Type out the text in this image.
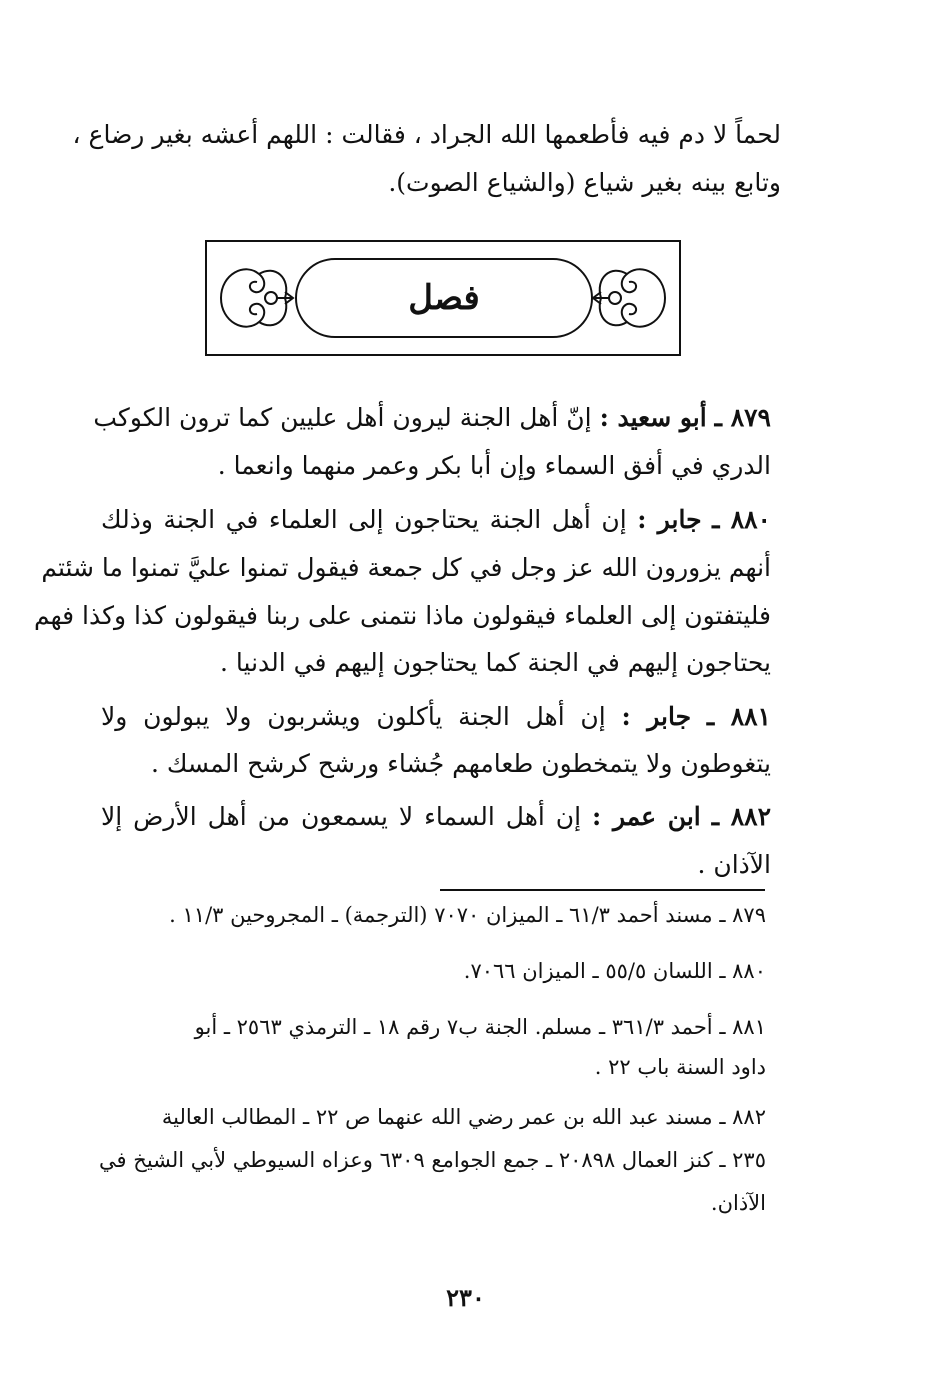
لحماً لا دم فيه فأطعمها الله الجراد ، فقالت : اللهم أعشه بغير رضاع ،
وتابع بينه بغير شياع (والشياع الصوت).
فصل
٨٧٩ ـ أبو سعيد : إنّ أهل الجنة ليرون أهل عليين كما ترون الكوكب
الدري في أفق السماء وإن أبا بكر وعمر منهما وانعما .
٨٨٠ ـ جابر : إن أهل الجنة يحتاجون إلى العلماء في الجنة وذلك
أنهم يزورون الله عز وجل في كل جمعة فيقول تمنوا عليَّ تمنوا ما شئتم
فليتفتون إلى العلماء فيقولون ماذا نتمنى على ربنا فيقولون كذا وكذا فهم
يحتاجون إليهم في الجنة كما يحتاجون إليهم في الدنيا .
٨٨١ ـ جابر : إن أهل الجنة يأكلون ويشربون ولا يبولون ولا
يتغوطون ولا يتمخطون طعامهم جُشاء ورشح كرشح المسك .
٨٨٢ ـ ابن عمر : إن أهل السماء لا يسمعون من أهل الأرض إلا
الآذان .
٨٧٩ ـ مسند أحمد ٦١/٣ ـ الميزان ٧٠٧٠ (الترجمة) ـ المجروحين ١١/٣ .
٨٨٠ ـ اللسان ٥٥/٥ ـ الميزان ٧٠٦٦.
٨٨١ ـ أحمد ٣٦١/٣ ـ مسلم. الجنة ب٧ رقم ١٨ ـ الترمذي ٢٥٦٣ ـ أبو
داود السنة باب ٢٢ .
٨٨٢ ـ مسند عبد الله بن عمر رضي الله عنهما ص ٢٢ ـ المطالب العالية
٢٣٥ ـ كنز العمال ٢٠٨٩٨ ـ جمع الجوامع ٦٣٠٩ وعزاه السيوطي لأبي الشيخ في
الآذان.
٢٣٠
